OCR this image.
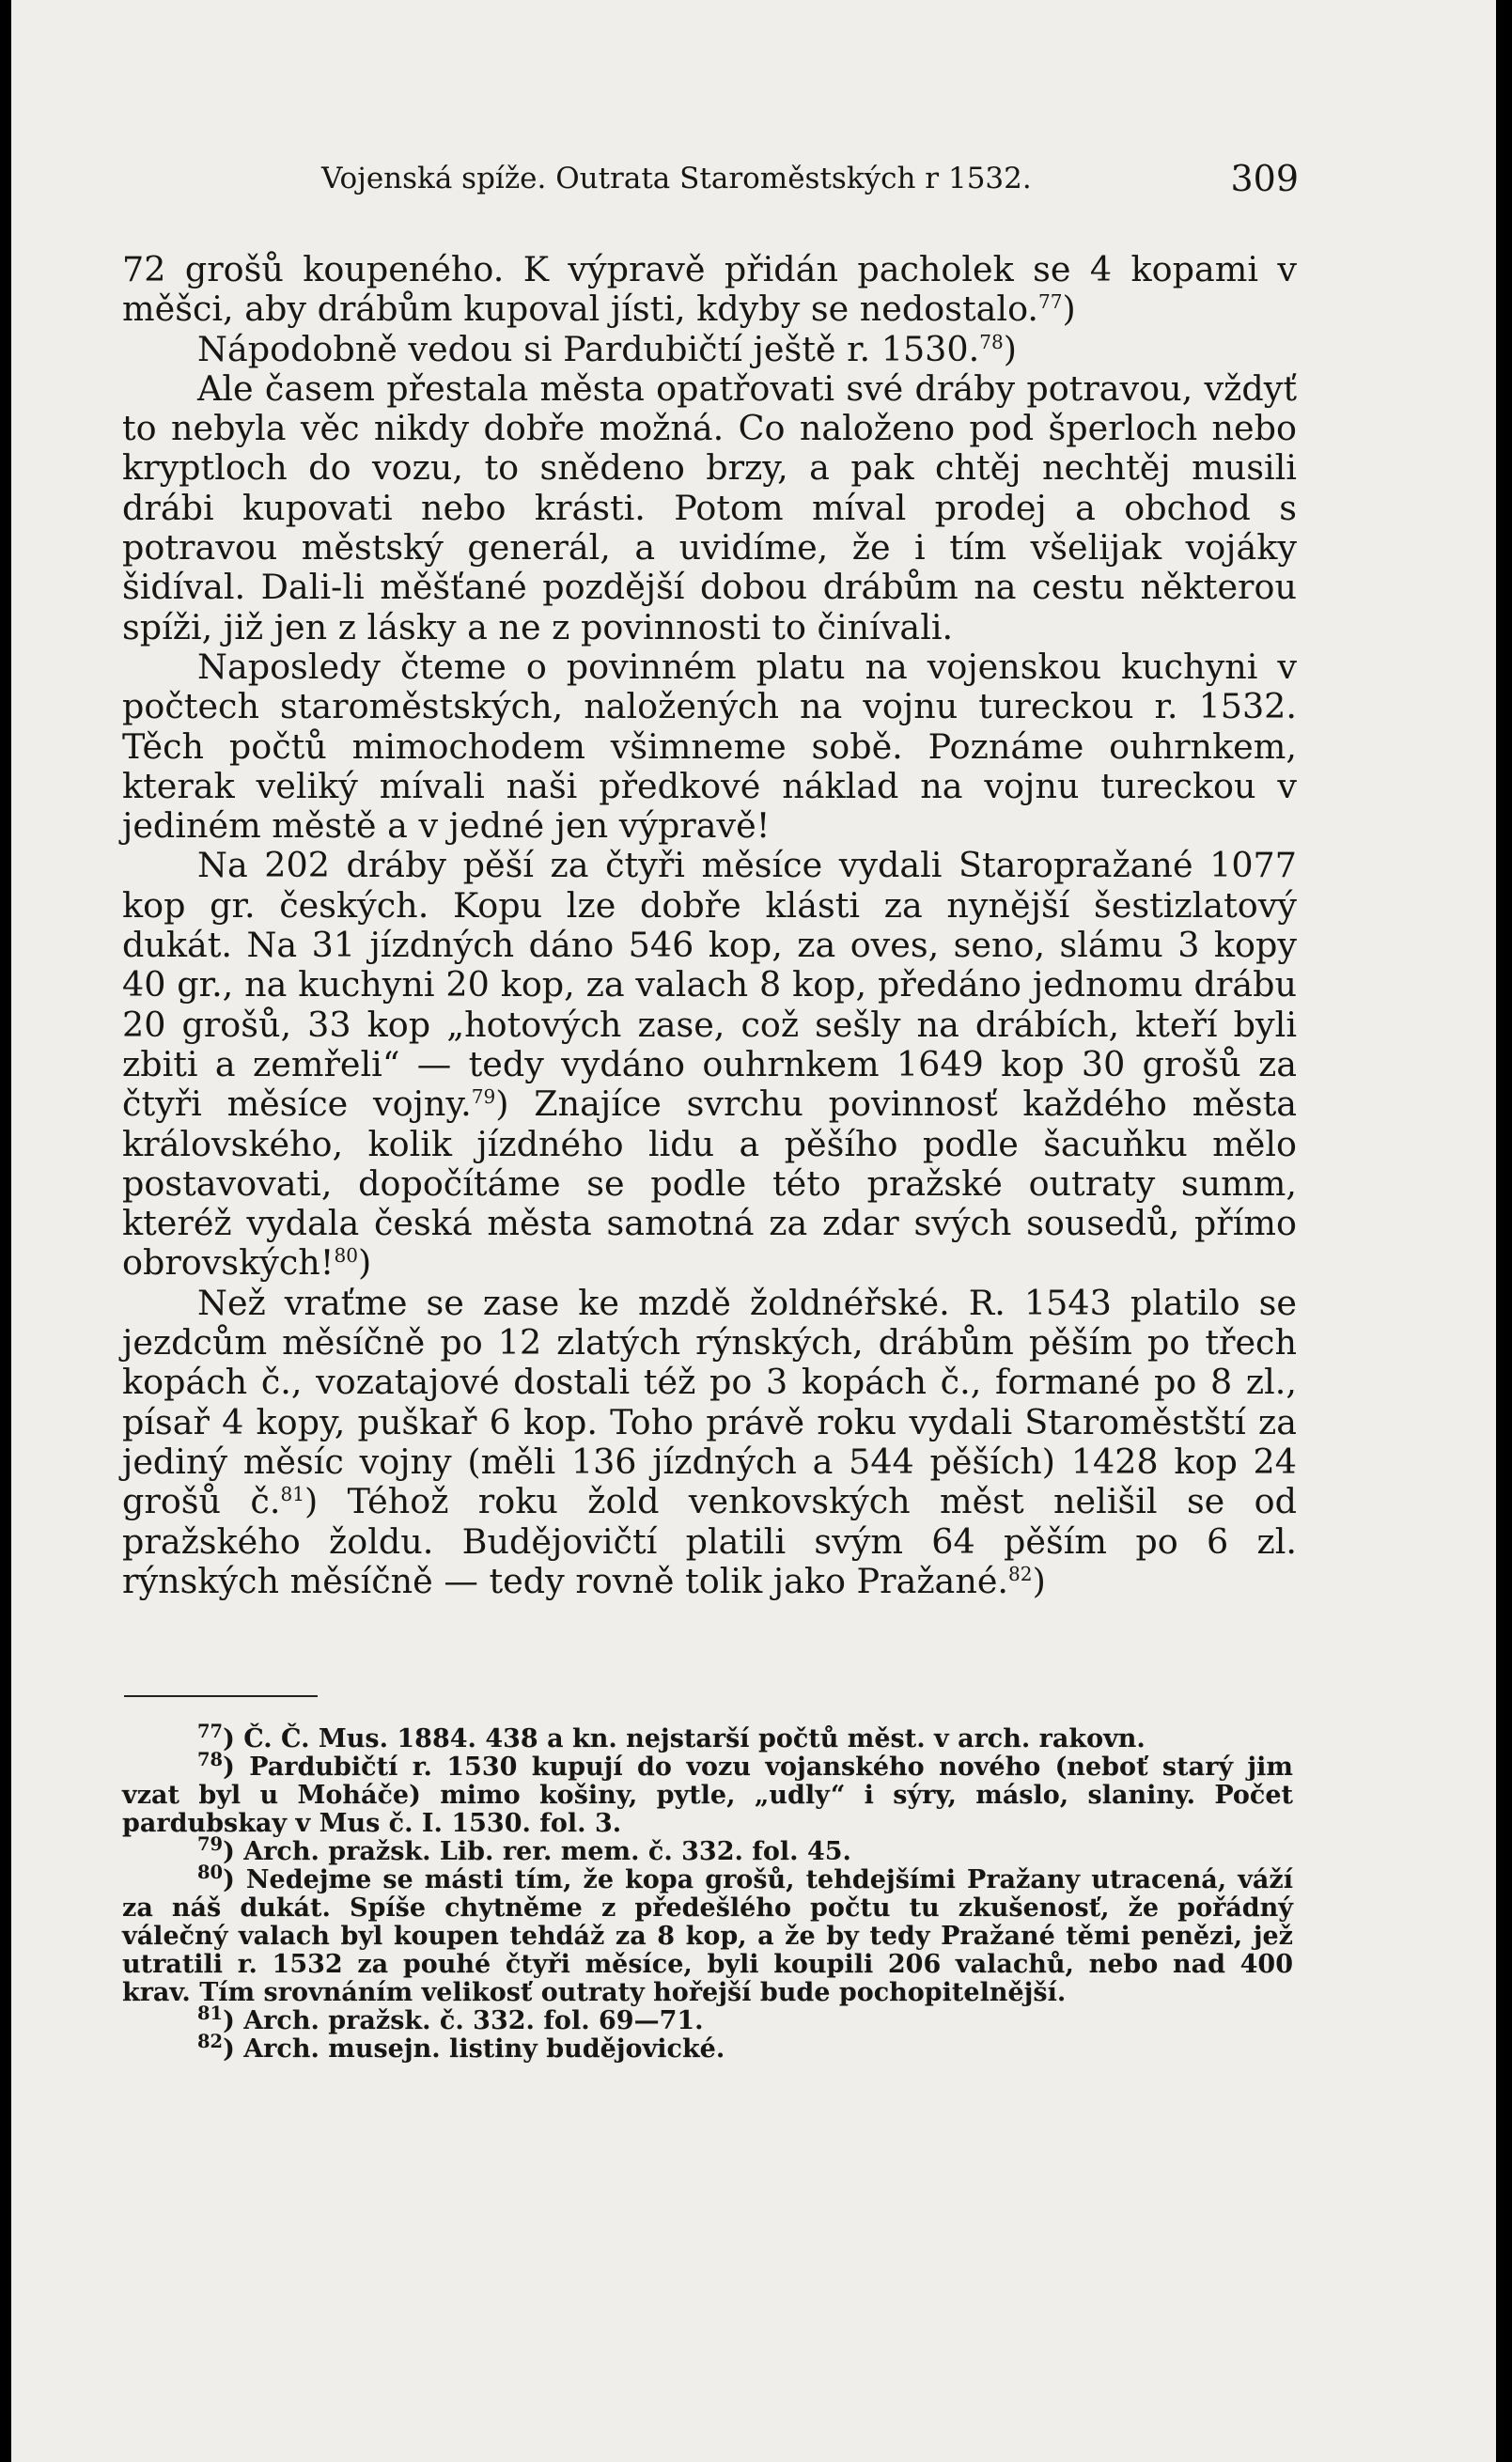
Vojenská spíže. Outrata Staroměstských r 1532.	309

72 grošů koupeného. K výpravě přidán pacholek se 4 kopami v měšci, aby drábům kupoval jísti, kdyby se nedostalo.$^{77}$)

Nápodobně vedou si Pardubičtí ještě r. 1530.78)

Ale časem přestala města opatřovati své dráby potravou, vždyť to nebyla věc nikdy dobře možná. Co naloženo pod šperloch nebo kryptloch do vozu, to snědeno brzy, a pak chtěj nechtěj musili drábi kupovati nebo krásti. Potom míval prodej a obchod s potravou městský generál, a uvidíme, že i tím všelijak vojáky šidíval. Dali-li měšťané pozdější dobou drábům na cestu některou spíži, již jen z lásky a ne z povinnosti to činívali.

Naposledy čteme o povinném platu na vojenskou kuchyni v počtech staroměstských, naložených na vojnu tureckou r. 1532. Těch počtů mimochodem všimneme sobě. Poznáme ouhrnkem, kterak veliký mívali naši předkové náklad na vojnu tureckou v jediném městě a v jedné jen výpravě!

Na 202 dráby pěší za čtyři měsíce vydali Staropražané 1077 kop gr. českých. Kopu lze dobře klásti za nynější šestizlatový dukát. Na 31 jízdných dáno 546 kop, za oves, seno, slámu 3 kopy 40 gr., na kuchyni 20 kop, za valach 8 kop, předáno jednomu drábu 20 grošů, 33 kop „hotových zase, což sešly na drábích, kteří byli zbiti a zemřeli“ — tedy vydáno ouhrnkem 1649 kop 30 grošů za čtyři měsíce vojny.$^{79}$) Znajíce svrchu povinnosť každého města královského, kolik jízdného lidu a pěšího podle šacuňku mělo postavovati, dopočítáme se podle této pražské outraty summ, kteréž vydala česká města samotná za zdar svých sousedů, přímo obrovských!$^{80}$)

Než vraťme se zase ke mzdě žoldnéřské. R. 1543 platilo se jezdcům měsíčně po 12 zlatých rýnských, drábům pěším po třech kopách č., vozatajové dostali též po 3 kopách č., formané po 8 zl., písař 4 kopy, puškař 6 kop. Toho právě roku vydali Staroměstští za jediný měsíc vojny (měli 136 jízdných a 544 pěších) 1428 kop 24 grošů č.$^{81}$) Téhož roku žold venkovských měst nelišil se od pražského žoldu. Budějovičtí platili svým 64 pěším po 6 zl. rýnských měsíčně — tedy rovně tolik jako Pražané.$^{82}$)

$^{77}$) Č. Č. Mus. 1884. 438 a kn. nejstarší počtů měst. v arch. rakovn.

$^{78}$) Pardubičtí r. 1530 kupují do vozu vojanského nového (neboť starý jim vzat byl u Moháče) mimo košiny, pytle, „udly“ i sýry, máslo, slaniny. Počet pardubskay v Mus č. I. 1530. fol. 3.

$^{79}$) Arch. pražsk. Lib. rer. mem. č. 332. fol. 45.

$^{80}$) Nedejme se másti tím, že kopa grošů, tehdejšími Pražany utracená, váží za náš dukát. Spíše chytněme z předešlého počtu tu zkušenosť, že pořádný válečný valach byl koupen tehdáž za 8 kop, a že by tedy Pražané těmi penězi, jež utratili r. 1532 za pouhé čtyři měsíce, byli koupili 206 valachů, nebo nad 400 krav. Tím srovnáním velikosť outraty hořejší bude pochopitelnější.

$^{81}$) Arch. pražsk. č. 332. fol. 69—71.

$^{82}$) Arch. musejn. listiny budějovické.
